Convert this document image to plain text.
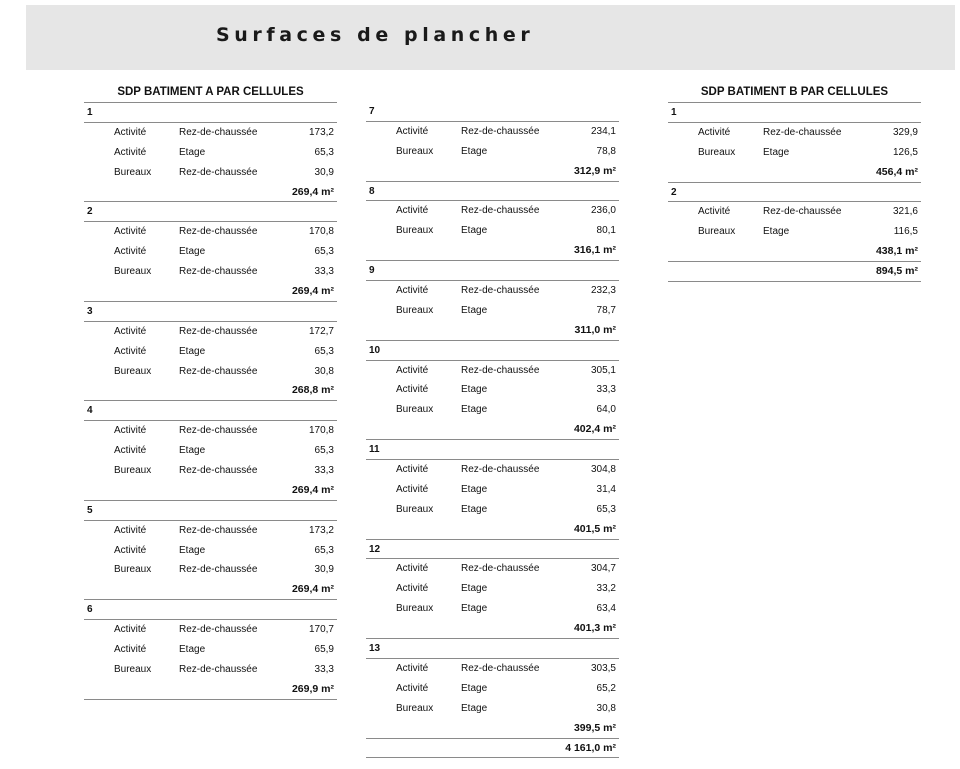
Surfaces de plancher
SDP BATIMENT A PAR CELLULES
1
Activité	Rez-de-chaussée	173,2
Activité	Etage	65,3
Bureaux	Rez-de-chaussée	30,9
269,4 m²
2
Activité	Rez-de-chaussée	170,8
Activité	Etage	65,3
Bureaux	Rez-de-chaussée	33,3
269,4 m²
3
Activité	Rez-de-chaussée	172,7
Activité	Etage	65,3
Bureaux	Rez-de-chaussée	30,8
268,8 m²
4
Activité	Rez-de-chaussée	170,8
Activité	Etage	65,3
Bureaux	Rez-de-chaussée	33,3
269,4 m²
5
Activité	Rez-de-chaussée	173,2
Activité	Etage	65,3
Bureaux	Rez-de-chaussée	30,9
269,4 m²
6
Activité	Rez-de-chaussée	170,7
Activité	Etage	65,9
Bureaux	Rez-de-chaussée	33,3
269,9 m²
7
Activité	Rez-de-chaussée	234,1
Bureaux	Etage	78,8
312,9 m²
8
Activité	Rez-de-chaussée	236,0
Bureaux	Etage	80,1
316,1 m²
9
Activité	Rez-de-chaussée	232,3
Bureaux	Etage	78,7
311,0 m²
10
Activité	Rez-de-chaussée	305,1
Activité	Etage	33,3
Bureaux	Etage	64,0
402,4 m²
11
Activité	Rez-de-chaussée	304,8
Activité	Etage	31,4
Bureaux	Etage	65,3
401,5 m²
12
Activité	Rez-de-chaussée	304,7
Activité	Etage	33,2
Bureaux	Etage	63,4
401,3 m²
13
Activité	Rez-de-chaussée	303,5
Activité	Etage	65,2
Bureaux	Etage	30,8
399,5 m²
4 161,0 m²
SDP BATIMENT B PAR CELLULES
1
Activité	Rez-de-chaussée	329,9
Bureaux	Etage	126,5
456,4 m²
2
Activité	Rez-de-chaussée	321,6
Bureaux	Etage	116,5
438,1 m²
894,5 m²
